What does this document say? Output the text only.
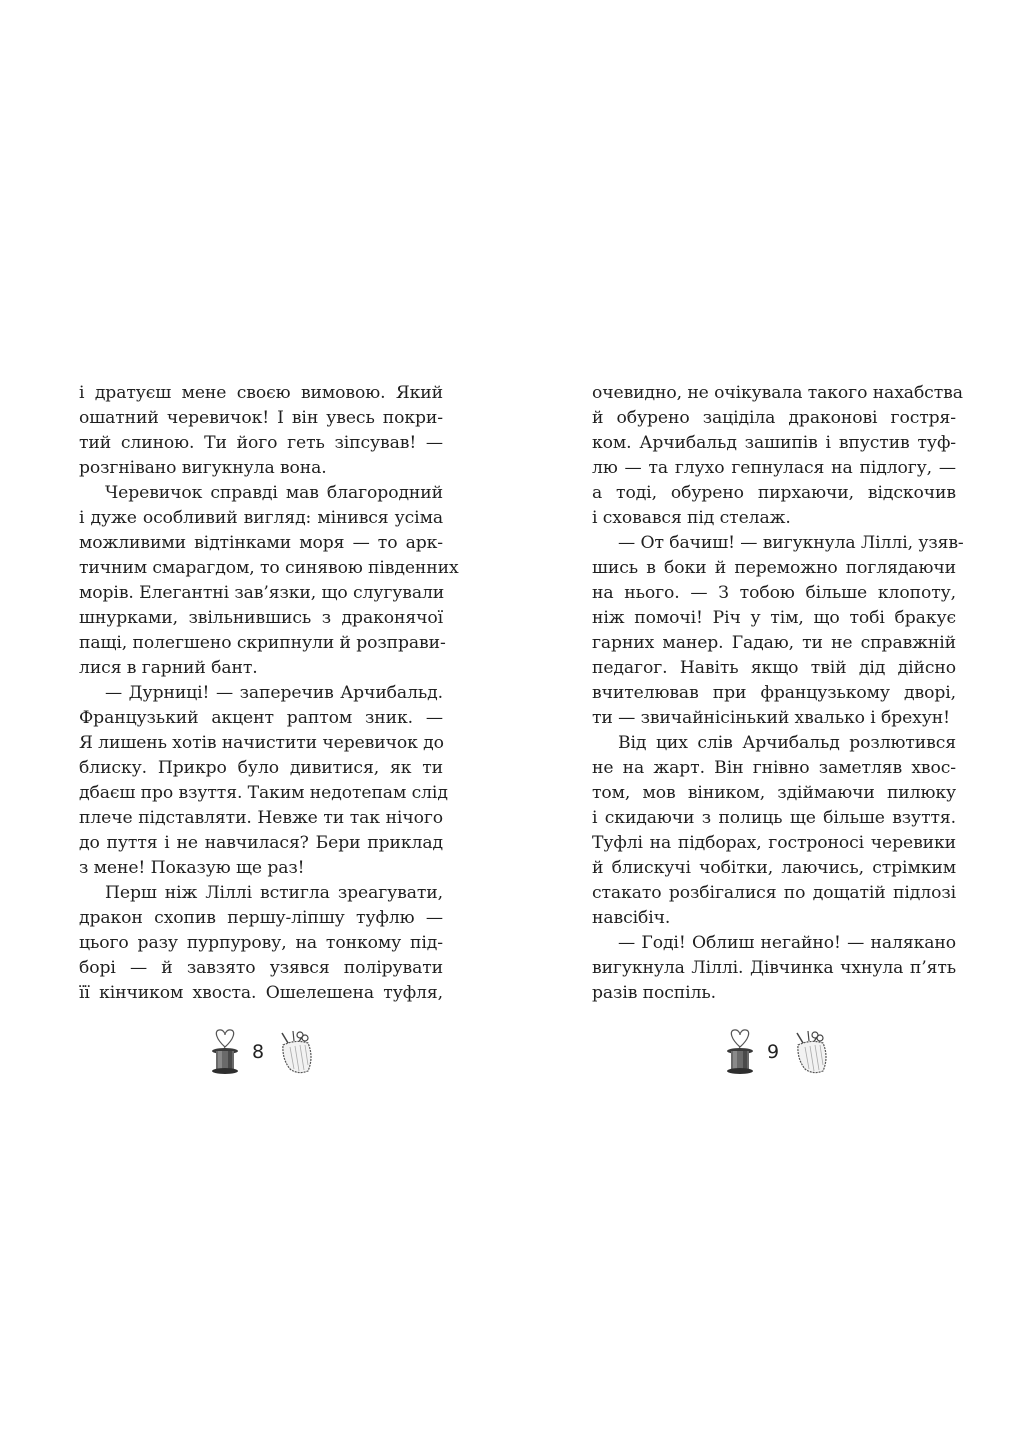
і дратуєш мене своєю вимовою. Який
ошатний черевичок! І він увесь покри-
тий слиною. Ти його геть зіпсував! —
розгнівано вигукнула вона.
Черевичок справді мав благородний
і дуже особливий вигляд: мінився усіма
можливими відтінками моря — то арк-
тичним смарагдом, то синявою південних
морів. Елегантні зав’язки, що слугували
шнурками, звільнившись з драконячої
пащі, полегшено скрипнули й розправи-
лися в гарний бант.
— Дурниці! — заперечив Арчибальд.
Французький акцент раптом зник. —
Я лишень хотів начистити черевичок до
блиску. Прикро було дивитися, як ти
дбаєш про взуття. Таким недотепам слід
плече підставляти. Невже ти так нічого
до пуття і не навчилася? Бери приклад
з мене! Показую ще раз!
Перш ніж Ліллі встигла зреагувати,
дракон схопив першу-ліпшу туфлю —
цього разу пурпурову, на тонкому під-
борі — й завзято узявся полірувати
її кінчиком хвоста. Ошелешена туфля,
очевидно, не очікувала такого нахабства
й обурено заціділа драконові гостря-
ком. Арчибальд зашипів і впустив туф-
лю — та глухо гепнулася на підлогу, —
а тоді, обурено пирхаючи, відскочив
і сховався під стелаж.
— От бачиш! — вигукнула Ліллі, узяв-
шись в боки й переможно поглядаючи
на нього. — З тобою більше клопоту,
ніж помочі! Річ у тім, що тобі бракує
гарних манер. Гадаю, ти не справжній
педагог. Навіть якщо твій дід дійсно
вчителював при французькому дворі,
ти — звичайнісінький хвалько і брехун!
Від цих слів Арчибальд розлютився
не на жарт. Він гнівно заметляв хвос-
том, мов віником, здіймаючи пилюку
і скидаючи з полиць ще більше взуття.
Туфлі на підборах, гостроносі черевики
й блискучі чобітки, лаючись, стрімким
стакато розбігалися по дощатій підлозі
навсібіч.
— Годі! Облиш негайно! — налякано
вигукнула Ліллі. Дівчинка чхнула п’ять
разів поспіль.
8	9
